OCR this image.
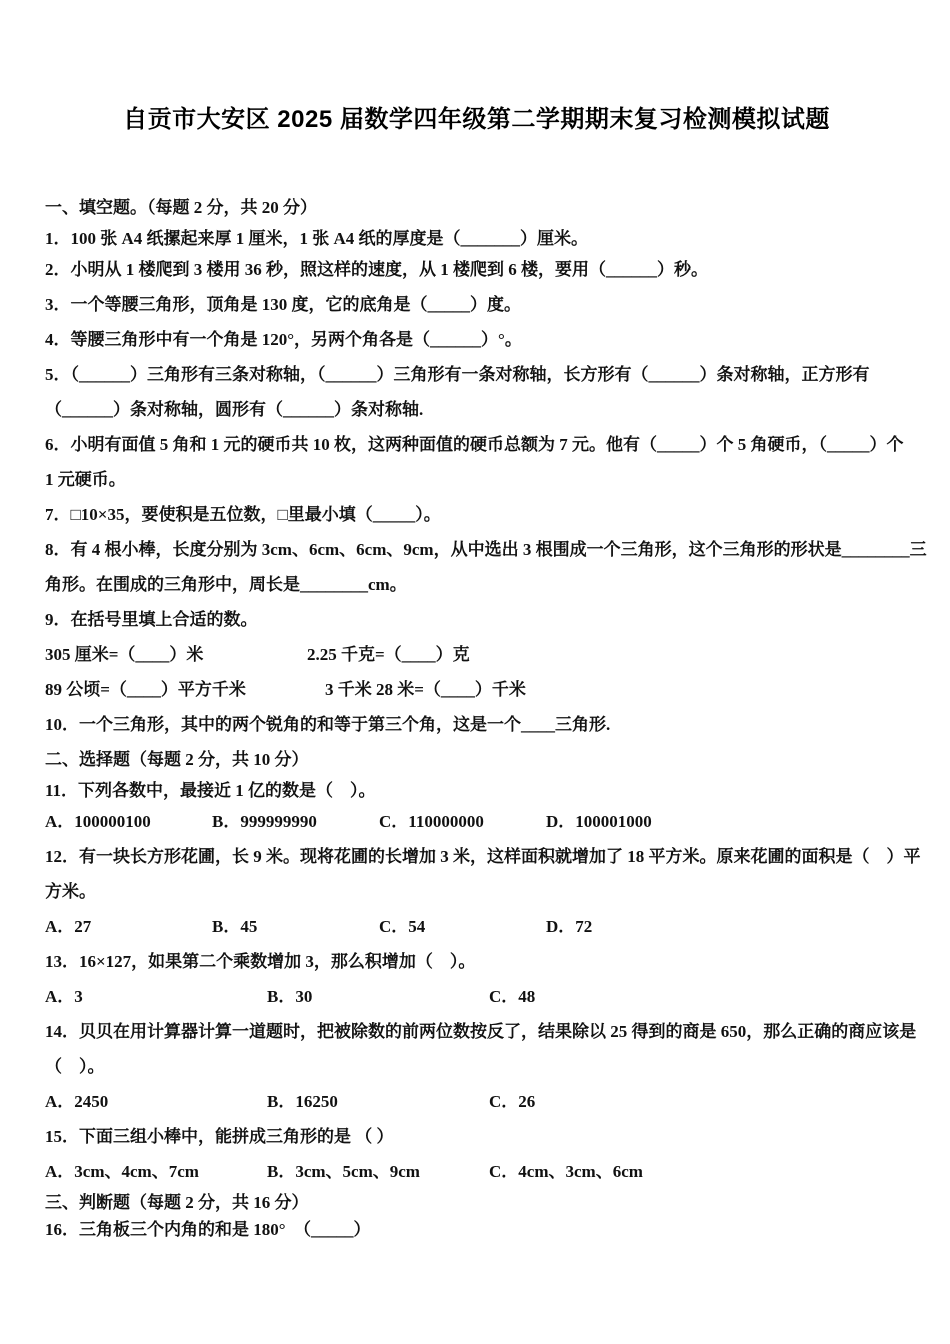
自贡市大安区 2025 届数学四年级第二学期期末复习检测模拟试题
一、填空题。（每题 2 分，共 20 分）
1．100 张 A4 纸摞起来厚 1 厘米，1 张 A4 纸的厚度是（_______）厘米。
2．小明从 1 楼爬到 3 楼用 36 秒，照这样的速度，从 1 楼爬到 6 楼，要用（______）秒。
3．一个等腰三角形，顶角是 130 度，它的底角是（_____）度。
4．等腰三角形中有一个角是 120°，另两个角各是（______）°。
5．（______）三角形有三条对称轴，（______）三角形有一条对称轴，长方形有（______）条对称轴，正方形有
（______）条对称轴，圆形有（______）条对称轴.
6．小明有面值 5 角和 1 元的硬币共 10 枚，这两种面值的硬币总额为 7 元。他有（_____）个 5 角硬币，（_____）个
1 元硬币。
7．□10×35，要使积是五位数，□里最小填（_____）。
8．有 4 根小棒，长度分别为 3cm、6cm、6cm、9cm，从中选出 3 根围成一个三角形，这个三角形的形状是________三
角形。在围成的三角形中，周长是________cm。
9．在括号里填上合适的数。
305 厘米=（____）米	2.25 千克=（____）克
89 公顷=（____）平方千米	3 千米 28 米=（____）千米
10．一个三角形，其中的两个锐角的和等于第三个角，这是一个____三角形.
二、选择题（每题 2 分，共 10 分）
11．下列各数中，最接近 1 亿的数是（　）。
A．100000100	B．999999990	C．110000000	D．100001000
12．有一块长方形花圃，长 9 米。现将花圃的长增加 3 米，这样面积就增加了 18 平方米。原来花圃的面积是（　）平
方米。
A．27	B．45	C．54	D．72
13．16×127，如果第二个乘数增加 3，那么积增加（　）。
A．3	B．30	C．48
14．贝贝在用计算器计算一道题时，把被除数的前两位数按反了，结果除以 25 得到的商是 650，那么正确的商应该是
（　）。
A．2450	B．16250	C．26
15．下面三组小棒中，能拼成三角形的是 （ ）
A．3cm、4cm、7cm	B．3cm、5cm、9cm	C．4cm、3cm、6cm
三、判断题（每题 2 分，共 16 分）
16．三角板三个内角的和是 180°　（_____）
